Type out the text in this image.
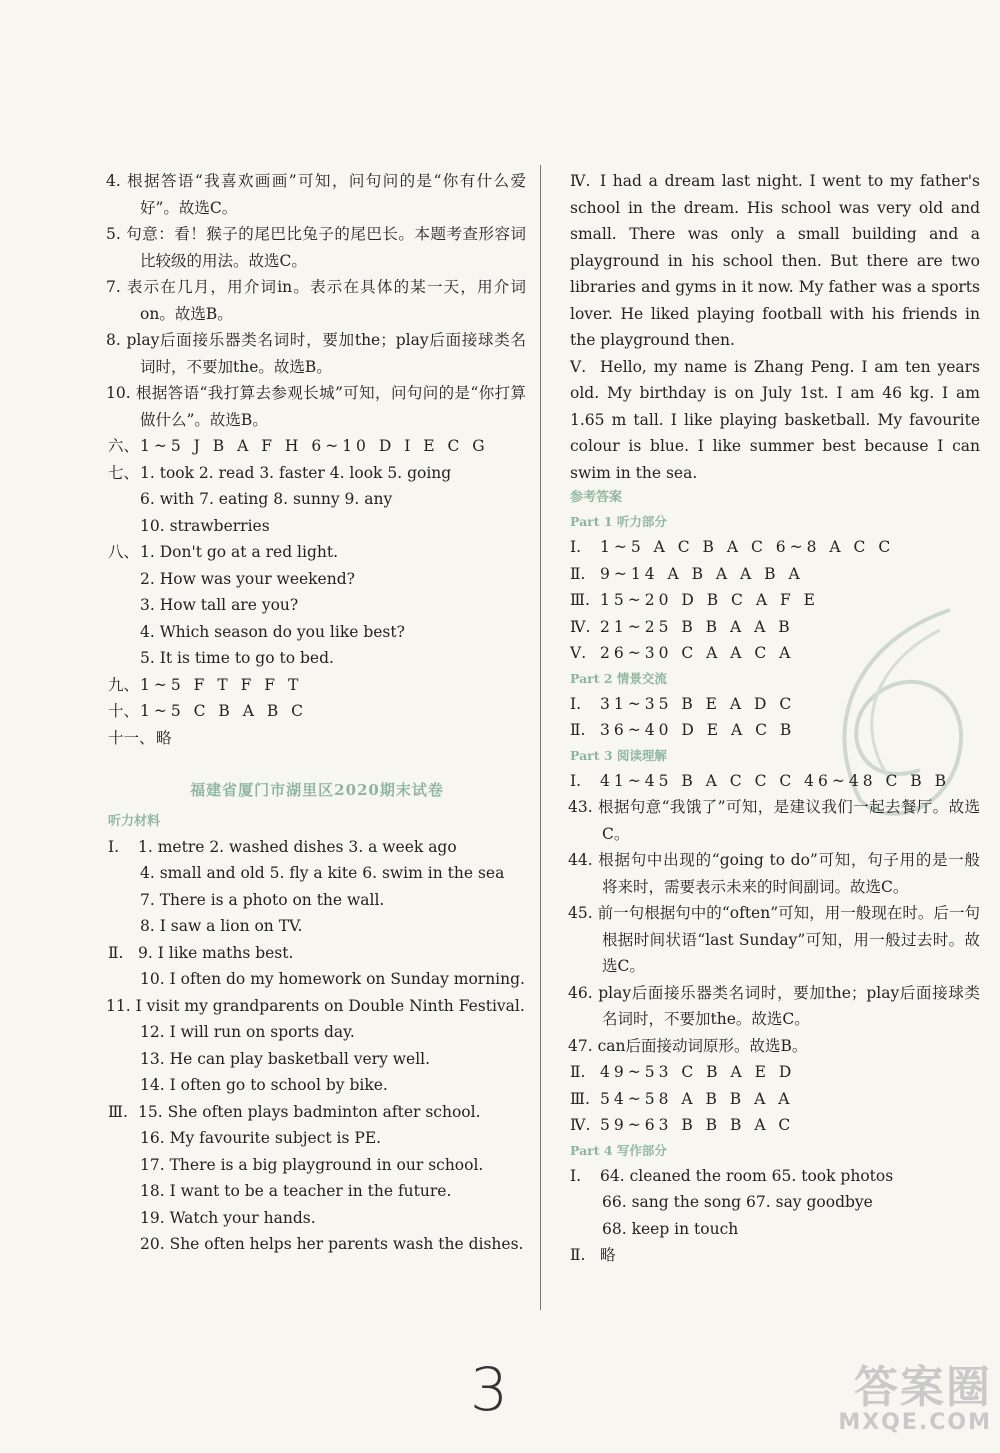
4. 根据答语“我喜欢画画”可知，问句问的是“你有什么爱好”。故选C。
5. 句意：看！猴子的尾巴比兔子的尾巴长。本题考查形容词比较级的用法。故选C。
7. 表示在几月，用介词in。表示在具体的某一天，用介词on。故选B。
8. play后面接乐器类名词时，要加the；play后面接球类名词时，不要加the。故选B。
10. 根据答语“我打算去参观长城”可知，问句问的是“你打算做什么”。故选B。
六、 1~5 J B A F H 6~10 D I E C G
七、 1. took 2. read 3. faster 4. look 5. going
6. with 7. eating 8. sunny 9. any
10. strawberries
八、 1. Don't go at a red light.
2. How was your weekend?
3. How tall are you?
4. Which season do you like best?
5. It is time to go to bed.
九、 1~5 F T F F T
十、 1~5 C B A B C
十一、 略
福建省厦门市湖里区2020期末试卷
听力材料
Ⅰ.	1. metre 2. washed dishes 3. a week ago
4. small and old 5. fly a kite 6. swim in the sea
7. There is a photo on the wall.
8. I saw a lion on TV.
Ⅱ. 9. I like maths best.
10. I often do my homework on Sunday morning.
11. I visit my grandparents on Double Ninth Festival.
12. I will run on sports day.
13. He can play basketball very well.
14. I often go to school by bike.
Ⅲ. 15. She often plays badminton after school.
16. My favourite subject is PE.
17. There is a big playground in our school.
18. I want to be a teacher in the future.
19. Watch your hands.
20. She often helps her parents wash the dishes.
Ⅳ. I had a dream last night. I went to my father's school in the dream. His school was very old and small. There was only a small building and a playground in his school then. But there are two libraries and gyms in it now. My father was a sports lover. He liked playing football with his friends in the playground then.
Ⅴ. Hello, my name is Zhang Peng. I am ten years old. My birthday is on July 1st. I am 46 kg. I am 1.65 m tall. I like playing basketball. My favourite colour is blue. I like summer best because I can swim in the sea.
参考答案
Part 1 听力部分
Ⅰ.	1~5 A C B A C 6~8 A C C
Ⅱ. 9~14 A B A A B A
Ⅲ. 15~20 D B C A F E
Ⅳ. 21~25 B B A A B
Ⅴ. 26~30 C A A C A
Part 2 情景交流
Ⅰ.	31~35 B E A D C
Ⅱ. 36~40 D E A C B
Part 3 阅读理解
Ⅰ.	41~45 B A C C C 46~48 C B B
43. 根据句意“我饿了”可知，是建议我们一起去餐厅。故选C。
44. 根据句中出现的“going to do”可知，句子用的是一般将来时，需要表示未来的时间副词。故选C。
45. 前一句根据句中的“often”可知，用一般现在时。后一句根据时间状语“last Sunday”可知，用一般过去时。故选C。
46. play后面接乐器类名词时，要加the；play后面接球类名词时，不要加the。故选C。
47. can后面接动词原形。故选B。
Ⅱ. 49~53 C B A E D
Ⅲ. 54~58 A B B A A
Ⅳ. 59~63 B B B A C
Part 4 写作部分
Ⅰ.	64. cleaned the room 65. took photos
66. sang the song 67. say goodbye
68. keep in touch
Ⅱ. 略
3	答案圈
MXQE.COM
